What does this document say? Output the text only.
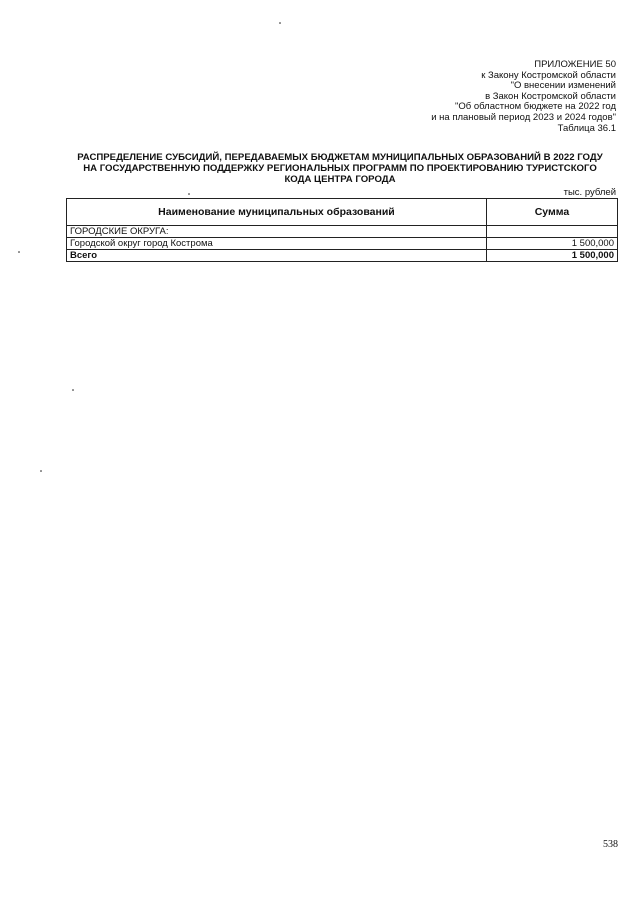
ПРИЛОЖЕНИЕ 50
к Закону Костромской области
"О внесении изменений
в Закон Костромской области
"Об областном бюджете на 2022 год
и на плановый период 2023 и 2024 годов"
Таблица 36.1
РАСПРЕДЕЛЕНИЕ СУБСИДИЙ, ПЕРЕДАВАЕМЫХ БЮДЖЕТАМ МУНИЦИПАЛЬНЫХ ОБРАЗОВАНИЙ В 2022 ГОДУ
НА ГОСУДАРСТВЕННУЮ ПОДДЕРЖКУ РЕГИОНАЛЬНЫХ ПРОГРАММ ПО ПРОЕКТИРОВАНИЮ ТУРИСТСКОГО
КОДА ЦЕНТРА ГОРОДА
тыс. рублей
Наименование муниципальных образований	Сумма
ГОРОДСКИЕ ОКРУГА:	
Городской округ город Кострома	1 500,000
Всего	1 500,000
538
